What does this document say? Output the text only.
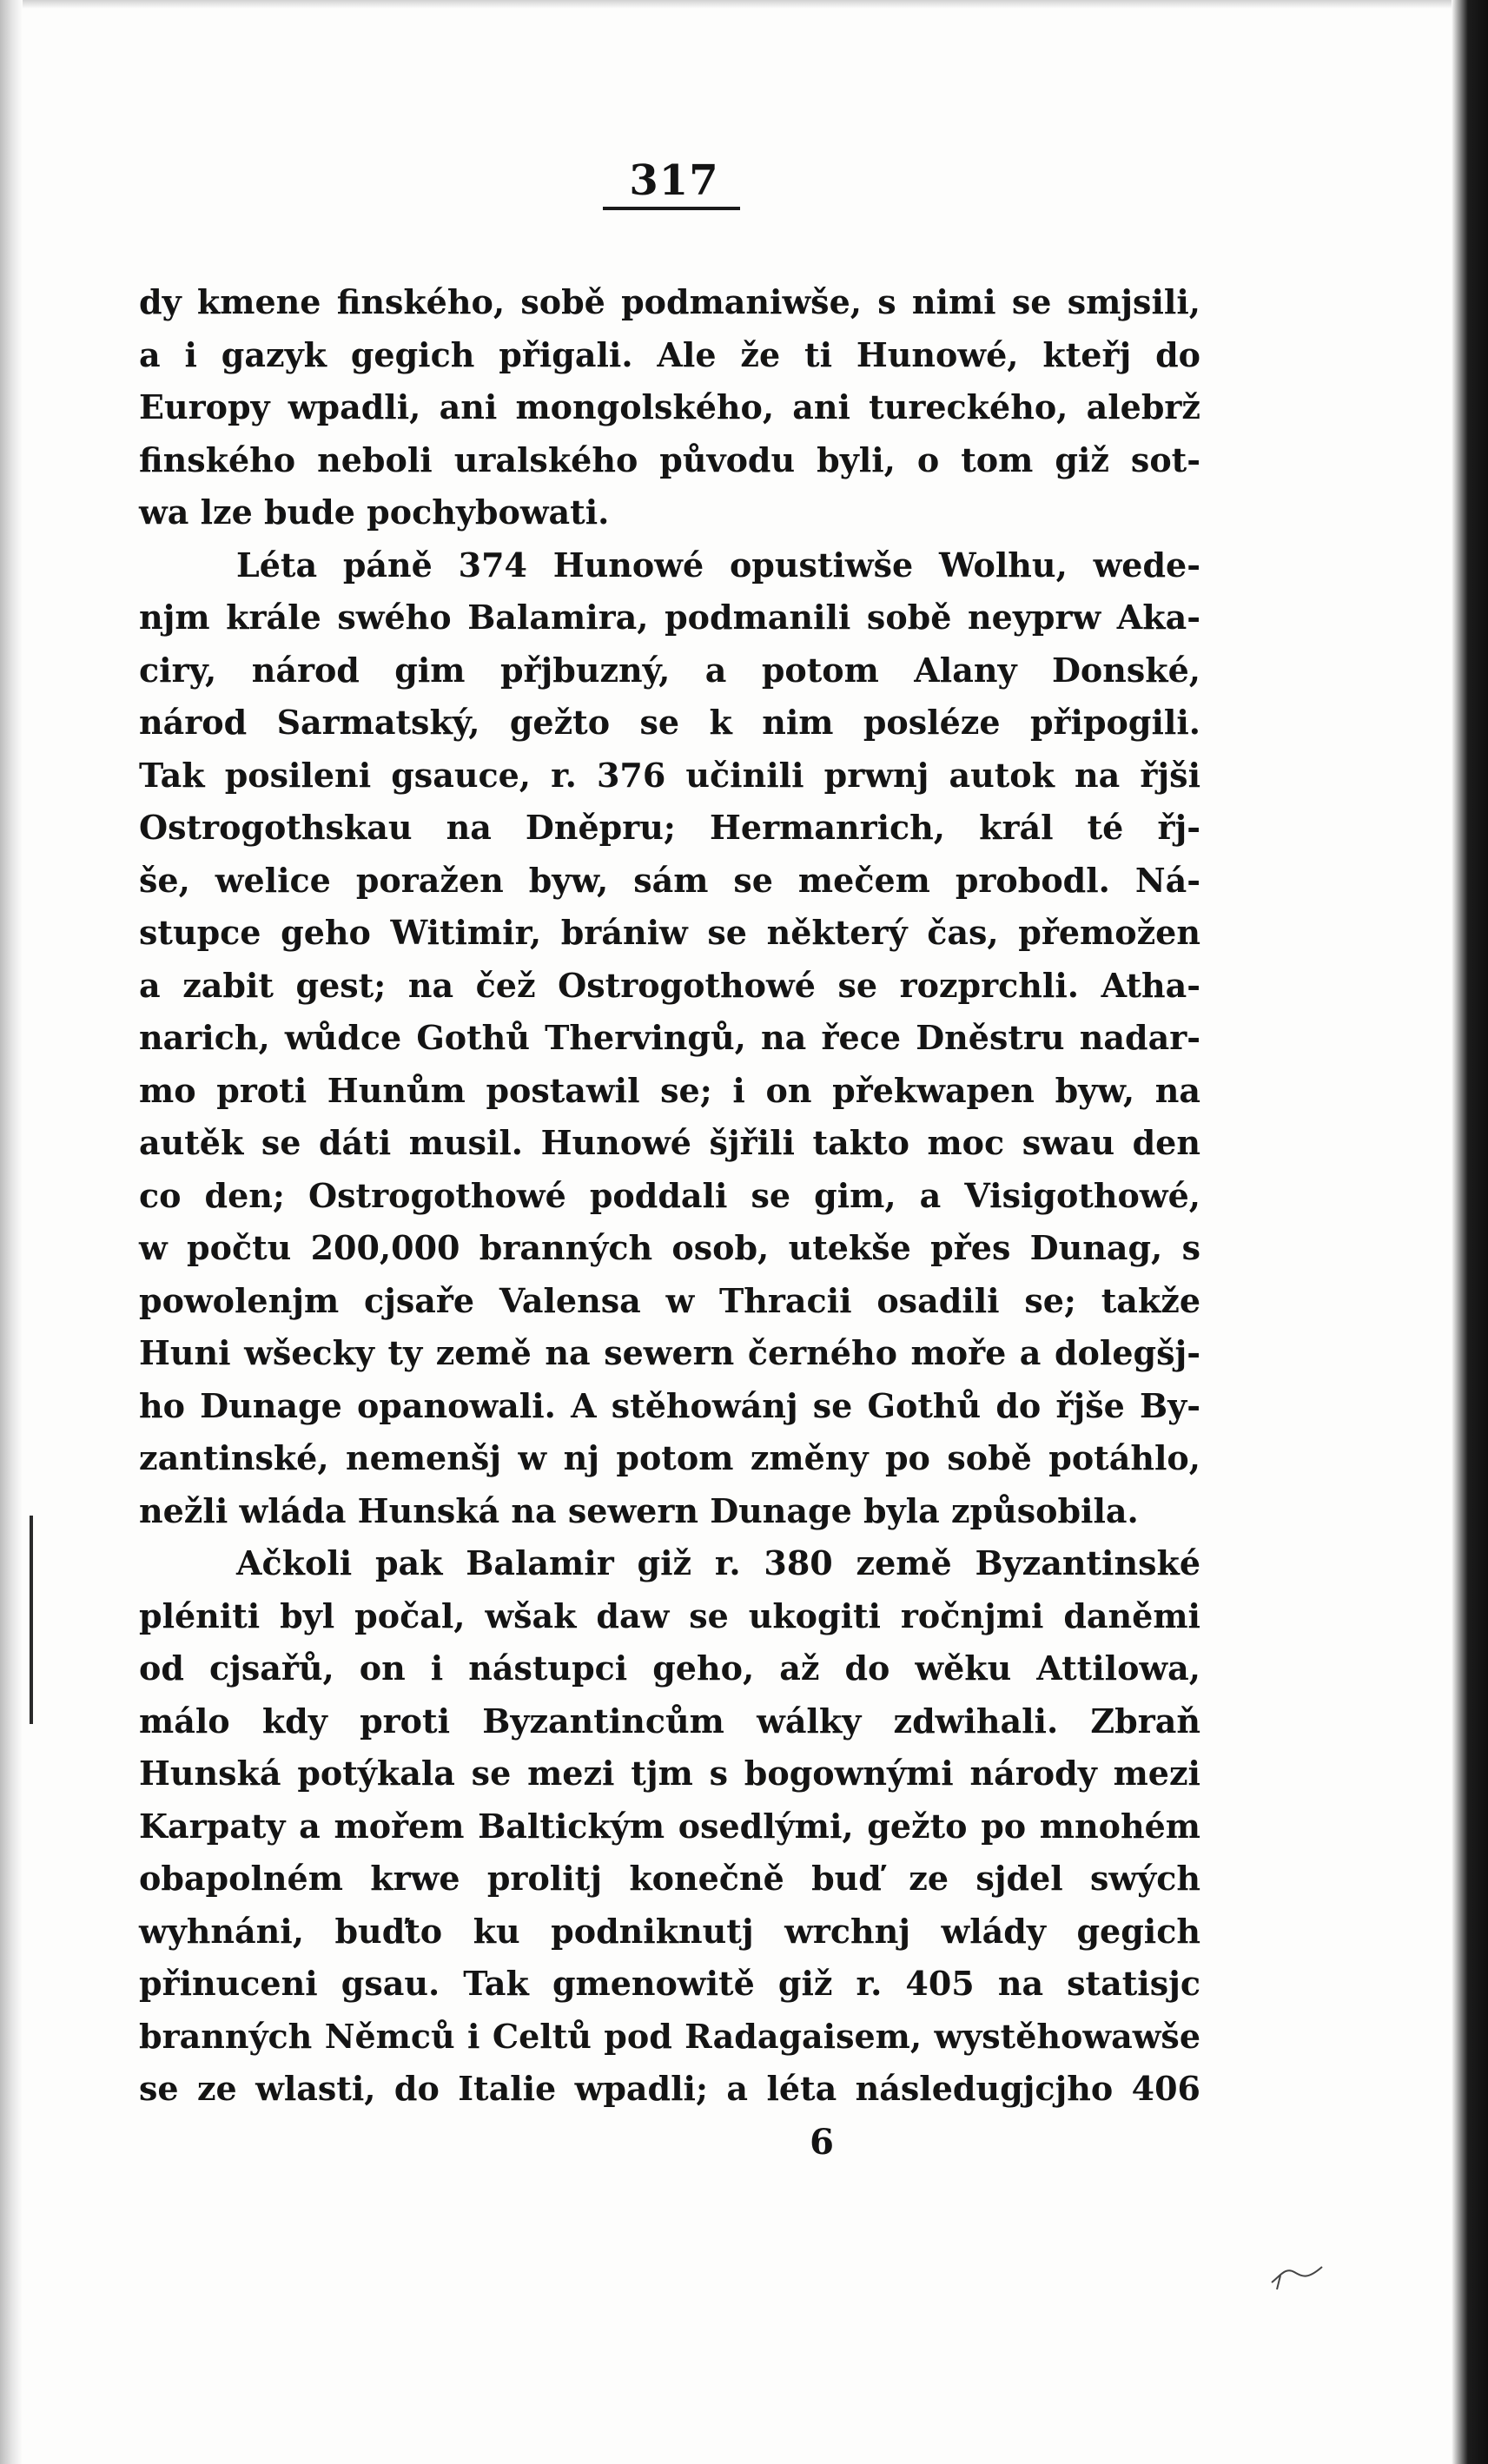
317
dy kmene finského, sobě podmaniwše, s nimi se smjsili,
a i gazyk gegich přigali. Ale že ti Hunowé, kteřj do
Europy wpadli, ani mongolského, ani tureckého, alebrž
finského neboli uralského původu byli, o tom giž sot-
wa lze bude pochybowati.
Léta páně 374 Hunowé opustiwše Wolhu, wede-
njm krále swého Balamira, podmanili sobě neyprw Aka-
ciry, národ gim přjbuzný, a potom Alany Donské,
národ Sarmatský, gežto se k nim posléze připogili.
Tak posileni gsauce, r. 376 učinili prwnj autok na řjši
Ostrogothskau na Dněpru; Hermanrich, král té řj-
še, welice poražen byw, sám se mečem probodl. Ná-
stupce geho Witimir, brániw se některý čas, přemožen
a zabit gest; na čež Ostrogothowé se rozprchli. Atha-
narich, wůdce Gothů Thervingů, na řece Dněstru nadar-
mo proti Hunům postawil se; i on překwapen byw, na
autěk se dáti musil. Hunowé šjřili takto moc swau den
co den; Ostrogothowé poddali se gim, a Visigothowé,
w počtu 200,000 branných osob, utekše přes Dunag, s
powolenjm cjsaře Valensa w Thracii osadili se; takže
Huni wšecky ty země na sewern černého moře a dolegšj-
ho Dunage opanowali. A stěhowánj se Gothů do řjše By-
zantinské, nemenšj w nj potom změny po sobě potáhlo,
nežli wláda Hunská na sewern Dunage byla způsobila.
Ačkoli pak Balamir giž r. 380 země Byzantinské
pléniti byl počal, wšak daw se ukogiti ročnjmi daněmi
od cjsařů, on i nástupci geho, až do wěku Attilowa,
málo kdy proti Byzantincům wálky zdwihali. Zbraň
Hunská potýkala se mezi tjm s bogownými národy mezi
Karpaty a mořem Baltickým osedlými, gežto po mnohém
obapolném krwe prolitj konečně buď ze sjdel swých
wyhnáni, buďto ku podniknutj wrchnj wlády gegich
přinuceni gsau. Tak gmenowitě giž r. 405 na statisjc
branných Němců i Celtů pod Radagaisem, wystěhowawše
se ze wlasti, do Italie wpadli; a léta následugjcjho 406
6
